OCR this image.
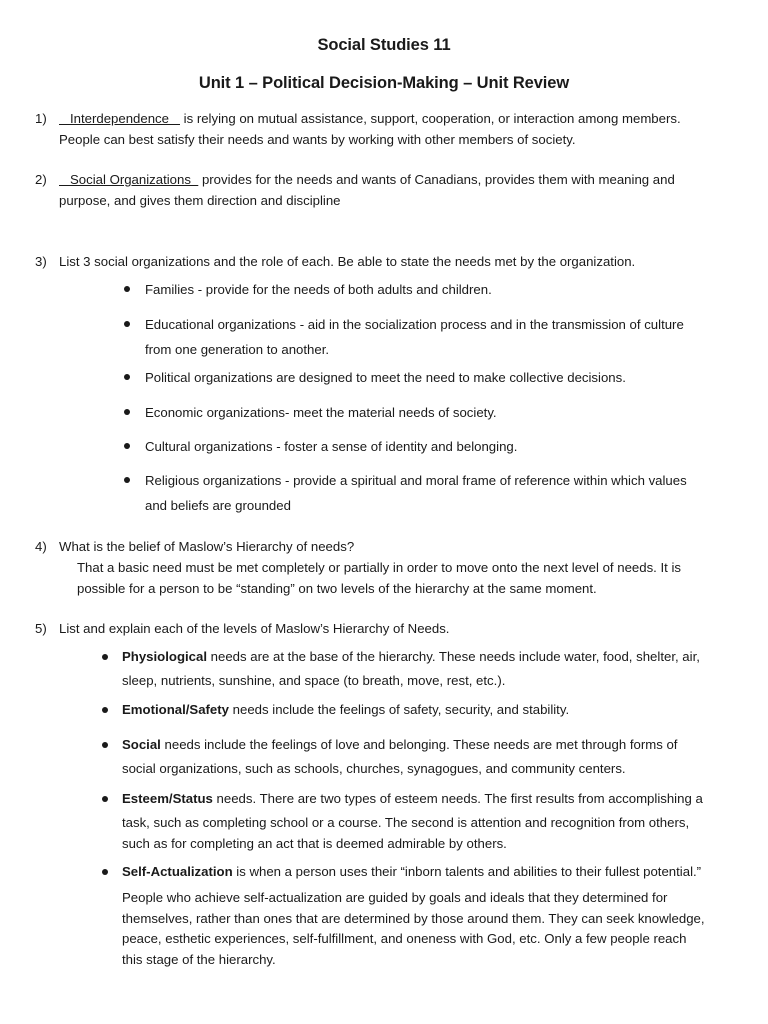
Social Studies 11
Unit 1 – Political Decision-Making – Unit Review
1) Interdependence    is relying on mutual assistance, support, cooperation, or interaction among members.
People can best satisfy their needs and wants by working with other members of society.
2) Social Organizations   provides for the needs and wants of Canadians, provides them with meaning and
purpose, and gives them direction and discipline
3) List 3 social organizations and the role of each. Be able to state the needs met by the organization.
Families - provide for the needs of both adults and children.
Educational organizations - aid in the socialization process and in the transmission of culture
from one generation to another.
Political organizations are designed to meet the need to make collective decisions.
Economic organizations- meet the material needs of society.
Cultural organizations - foster a sense of identity and belonging.
Religious organizations - provide a spiritual and moral frame of reference within which values
and beliefs are grounded
4) What is the belief of Maslow’s Hierarchy of needs?
That a basic need must be met completely or partially in order to move onto the next level of needs. It is
possible for a person to be “standing” on two levels of the hierarchy at the same moment.
5) List and explain each of the levels of Maslow’s Hierarchy of Needs.
Physiological needs are at the base of the hierarchy. These needs include water, food, shelter, air,
sleep, nutrients, sunshine, and space (to breath, move, rest, etc.).
Emotional/Safety needs include the feelings of safety, security, and stability.
Social needs include the feelings of love and belonging. These needs are met through forms of
social organizations, such as schools, churches, synagogues, and community centers.
Esteem/Status needs. There are two types of esteem needs. The first results from accomplishing a
task, such as completing school or a course. The second is attention and recognition from others,
such as for completing an act that is deemed admirable by others.
Self-Actualization is when a person uses their “inborn talents and abilities to their fullest potential.”
People who achieve self-actualization are guided by goals and ideals that they determined for
themselves, rather than ones that are determined by those around them. They can seek knowledge,
peace, esthetic experiences, self-fulfillment, and oneness with God, etc. Only a few people reach
this stage of the hierarchy.
